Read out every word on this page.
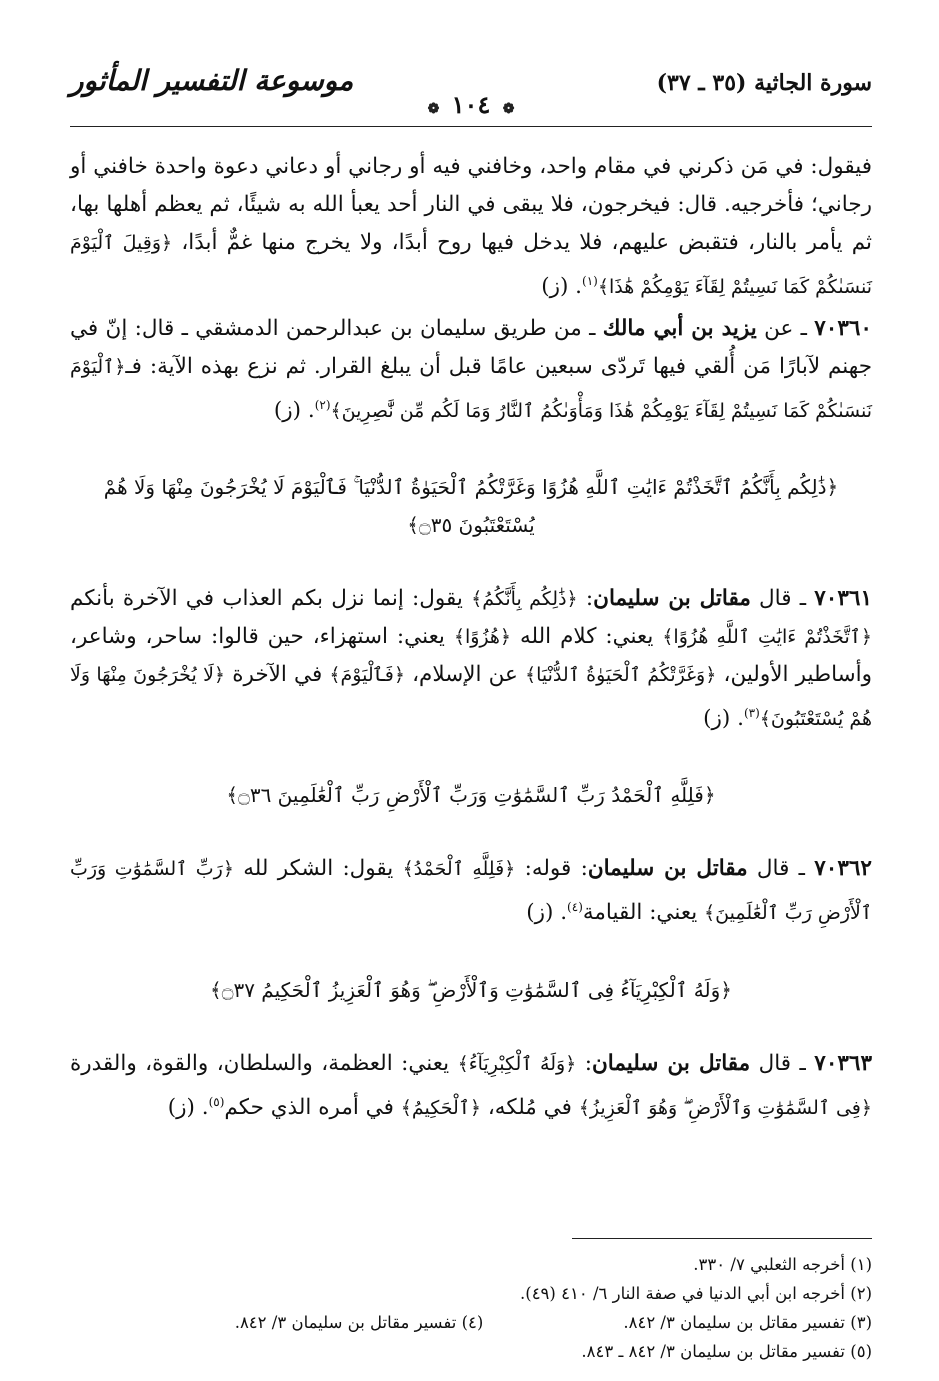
سورة الجاثية (٣٥ ـ ٣٧)
❁ ١٠٤ ❁
موسوعة التفسير المأثور

فيقول: في مَن ذكرني في مقام واحد، وخافني فيه أو رجاني أو دعاني دعوة واحدة خافني أو رجاني؛ فأخرجيه. قال: فيخرجون، فلا يبقى في النار أحد يعبأ الله به شيئًا، ثم يعظم أهلها بها، ثم يأمر بالنار، فتقبض عليهم، فلا يدخل فيها روح أبدًا، ولا يخرج منها غمٌّ أبدًا، ﴿وَقِيلَ ٱلْيَوْمَ نَنسَىٰكُمْ كَمَا نَسِيتُمْ لِقَآءَ يَوْمِكُمْ هَٰذَا﴾$^{(١)}$. (ز)

٧٠٣٦٠ ـ عن يزيد بن أبي مالك ـ من طريق سليمان بن عبدالرحمن الدمشقي ـ قال: إنّ في جهنم لآبارًا مَن أُلقي فيها تَردّى سبعين عامًا قبل أن يبلغ القرار. ثم نزع بهذه الآية: فـ﴿ٱلْيَوْمَ نَنسَىٰكُمْ كَمَا نَسِيتُمْ لِقَآءَ يَوْمِكُمْ هَٰذَا وَمَأْوَىٰكُمُ ٱلنَّارُ وَمَا لَكُم مِّن نَّٰصِرِينَ﴾$^{(٢)}$. (ز)

﴿ذَٰلِكُم بِأَنَّكُمُ ٱتَّخَذْتُمْ ءَايَٰتِ ٱللَّهِ هُزُوًا وَغَرَّتْكُمُ ٱلْحَيَوٰةُ ٱلدُّنْيَا ۚ فَٱلْيَوْمَ لَا يُخْرَجُونَ مِنْهَا وَلَا هُمْ يُسْتَعْتَبُونَ ۝٣٥﴾

٧٠٣٦١ ـ قال مقاتل بن سليمان: ﴿ذَٰلِكُم بِأَنَّكُمُ﴾ يقول: إنما نزل بكم العذاب في الآخرة بأنكم ﴿ٱتَّخَذْتُمْ ءَايَٰتِ ٱللَّهِ هُزُوًا﴾ يعني: كلام الله ﴿هُزُوًا﴾ يعني: استهزاء، حين قالوا: ساحر، وشاعر، وأساطير الأولين، ﴿وَغَرَّتْكُمُ ٱلْحَيَوٰةُ ٱلدُّنْيَا﴾ عن الإسلام، ﴿فَٱلْيَوْمَ﴾ في الآخرة ﴿لَا يُخْرَجُونَ مِنْهَا وَلَا هُمْ يُسْتَعْتَبُونَ﴾$^{(٣)}$. (ز)

﴿فَلِلَّهِ ٱلْحَمْدُ رَبِّ ٱلسَّمَٰوَٰتِ وَرَبِّ ٱلْأَرْضِ رَبِّ ٱلْعَٰلَمِينَ ۝٣٦﴾

٧٠٣٦٢ ـ قال مقاتل بن سليمان: قوله: ﴿فَلِلَّهِ ٱلْحَمْدُ﴾ يقول: الشكر لله ﴿رَبِّ ٱلسَّمَٰوَٰتِ وَرَبِّ ٱلْأَرْضِ رَبِّ ٱلْعَٰلَمِينَ﴾ يعني: القيامة$^{(٤)}$. (ز)

﴿وَلَهُ ٱلْكِبْرِيَآءُ فِى ٱلسَّمَٰوَٰتِ وَٱلْأَرْضِ ۖ وَهُوَ ٱلْعَزِيزُ ٱلْحَكِيمُ ۝٣٧﴾

٧٠٣٦٣ ـ قال مقاتل بن سليمان: ﴿وَلَهُ ٱلْكِبْرِيَآءُ﴾ يعني: العظمة، والسلطان، والقوة، والقدرة ﴿فِى ٱلسَّمَٰوَٰتِ وَٱلْأَرْضِ ۖ وَهُوَ ٱلْعَزِيزُ﴾ في مُلكه، ﴿ٱلْحَكِيمُ﴾ في أمره الذي حكم$^{(٥)}$. (ز)

(١) أخرجه الثعلبي ٧/ ٣٣٠.
(٢) أخرجه ابن أبي الدنيا في صفة النار ٦/ ٤١٠ (٤٩).
(٣) تفسير مقاتل بن سليمان ٣/ ٨٤٢.
(٤) تفسير مقاتل بن سليمان ٣/ ٨٤٢.
(٥) تفسير مقاتل بن سليمان ٣/ ٨٤٢ ـ ٨٤٣.
